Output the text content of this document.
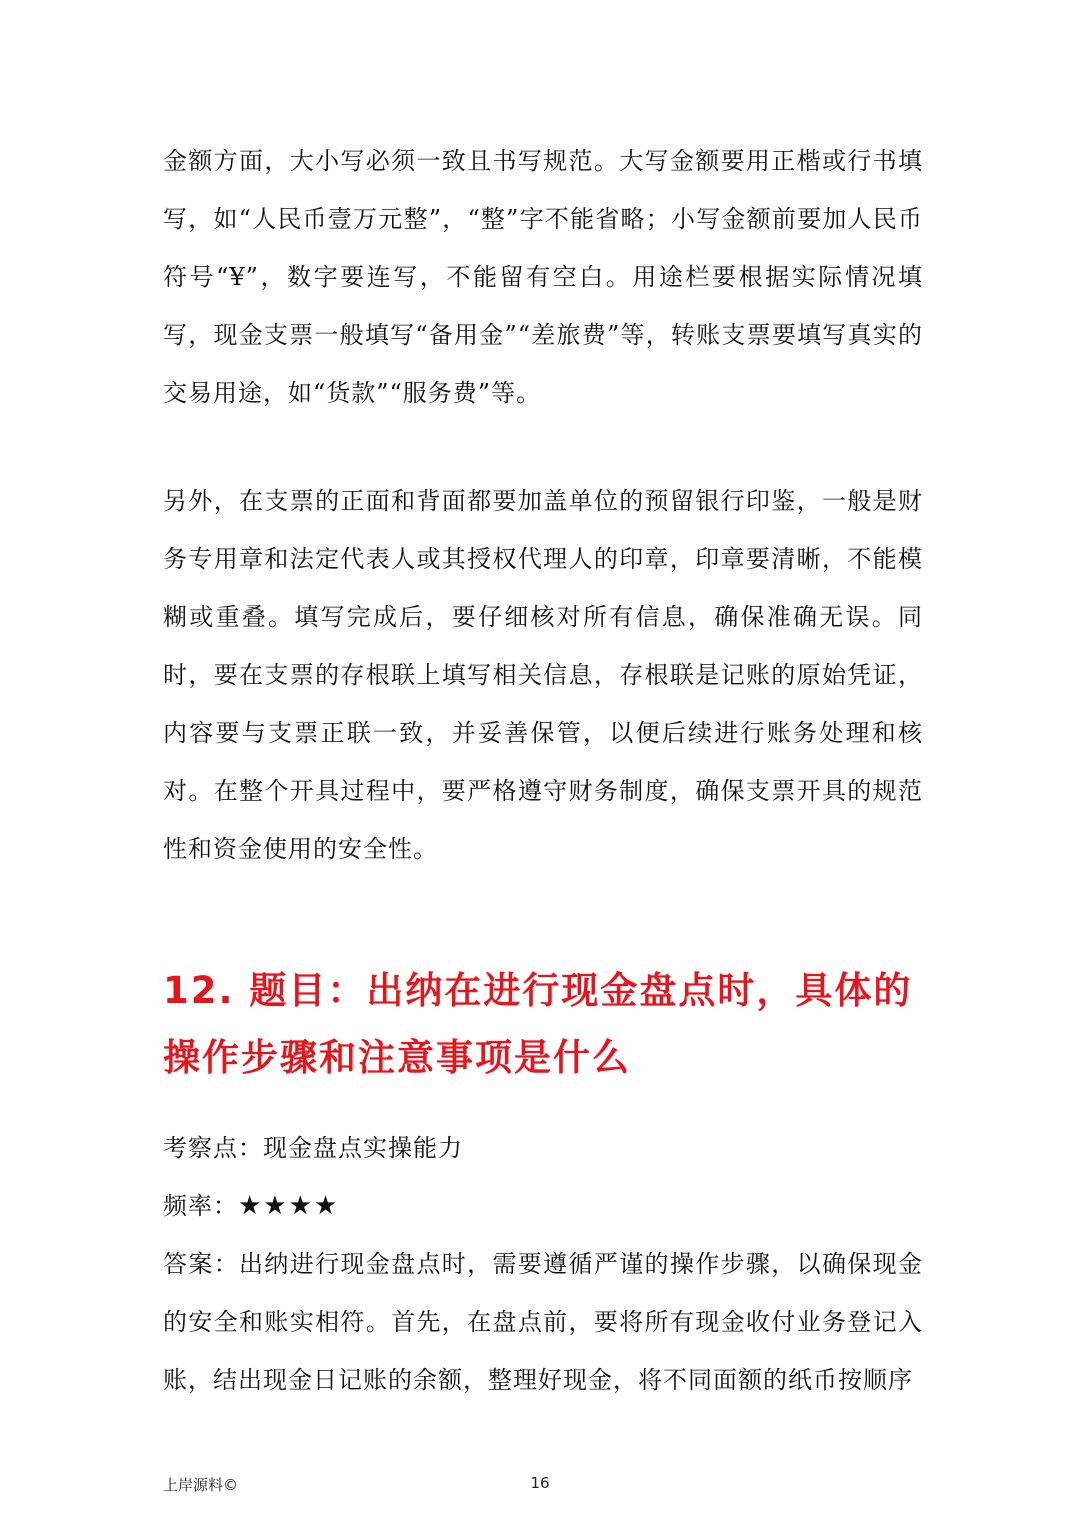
金额方面，大小写必须一致且书写规范。大写金额要用正楷或行书填写，如“人民币壹万元整”，“整”字不能省略；小写金额前要加人民币符号“¥”，数字要连写，不能留有空白。用途栏要根据实际情况填写，现金支票一般填写“备用金”“差旅费”等，转账支票要填写真实的交易用途，如“货款”“服务费”等。

另外，在支票的正面和背面都要加盖单位的预留银行印鉴，一般是财务专用章和法定代表人或其授权代理人的印章，印章要清晰，不能模糊或重叠。填写完成后，要仔细核对所有信息，确保准确无误。同时，要在支票的存根联上填写相关信息，存根联是记账的原始凭证，内容要与支票正联一致，并妥善保管，以便后续进行账务处理和核对。在整个开具过程中，要严格遵守财务制度，确保支票开具的规范性和资金使用的安全性。

12. 题目：出纳在进行现金盘点时，具体的操作步骤和注意事项是什么

考察点：现金盘点实操能力

频率：★★★★

答案：出纳进行现金盘点时，需要遵循严谨的操作步骤，以确保现金的安全和账实相符。首先，在盘点前，要将所有现金收付业务登记入账，结出现金日记账的余额，整理好现金，将不同面额的纸币按顺序

上岸源料©	16
